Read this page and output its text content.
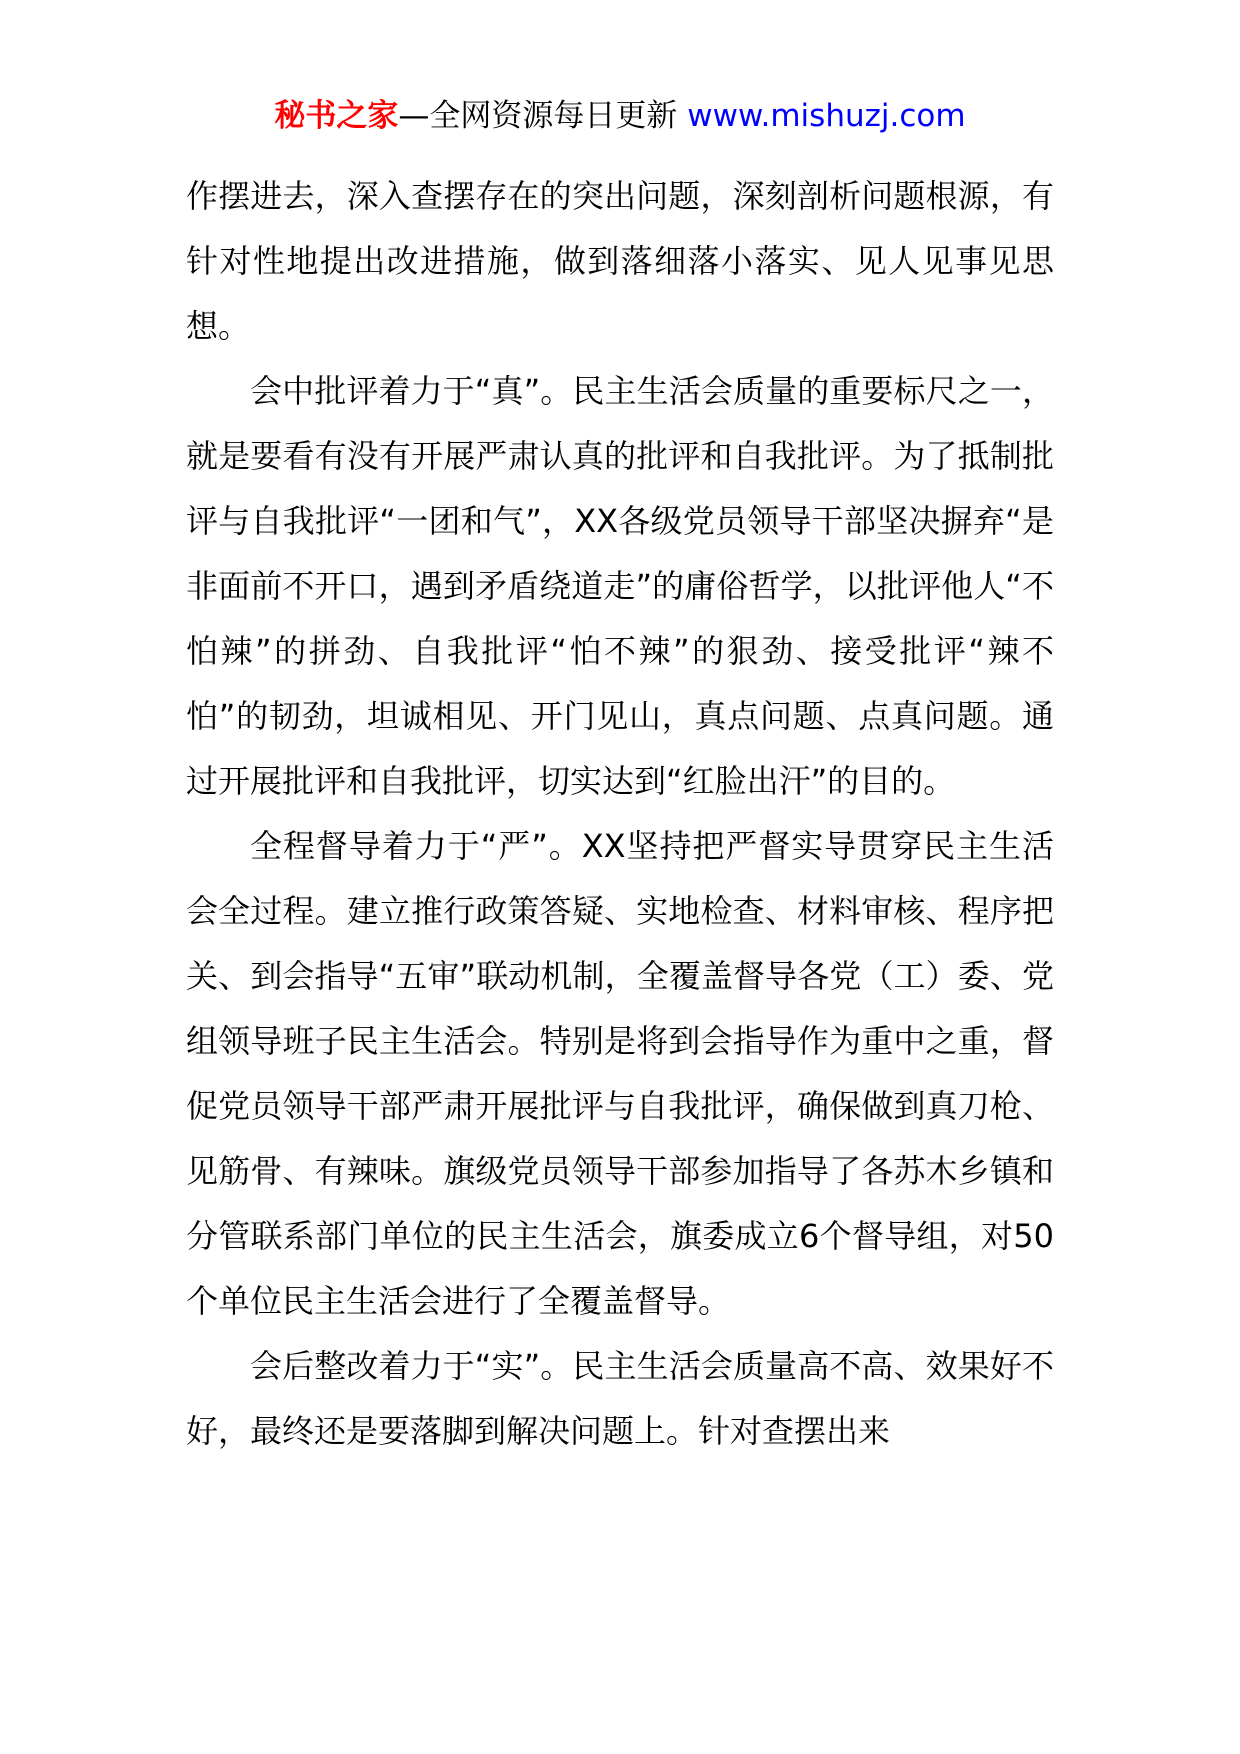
秘书之家—全网资源每日更新 www.mishuzj.com

作摆进去，深入查摆存在的突出问题，深刻剖析问题根源，有针对性地提出改进措施，做到落细落小落实、见人见事见思想。

会中批评着力于“真”。民主生活会质量的重要标尺之一，就是要看有没有开展严肃认真的批评和自我批评。为了抵制批评与自我批评“一团和气”，XX各级党员领导干部坚决摒弃“是非面前不开口，遇到矛盾绕道走”的庸俗哲学，以批评他人“不怕辣”的拼劲、自我批评“怕不辣”的狠劲、接受批评“辣不怕”的韧劲，坦诚相见、开门见山，真点问题、点真问题。通过开展批评和自我批评，切实达到“红脸出汗”的目的。

全程督导着力于“严”。XX坚持把严督实导贯穿民主生活会全过程。建立推行政策答疑、实地检查、材料审核、程序把关、到会指导“五审”联动机制，全覆盖督导各党（工）委、党组领导班子民主生活会。特别是将到会指导作为重中之重，督促党员领导干部严肃开展批评与自我批评，确保做到真刀枪、见筋骨、有辣味。旗级党员领导干部参加指导了各苏木乡镇和分管联系部门单位的民主生活会，旗委成立6个督导组，对50个单位民主生活会进行了全覆盖督导。

会后整改着力于“实”。民主生活会质量高不高、效果好不好，最终还是要落脚到解决问题上。针对查摆出来
